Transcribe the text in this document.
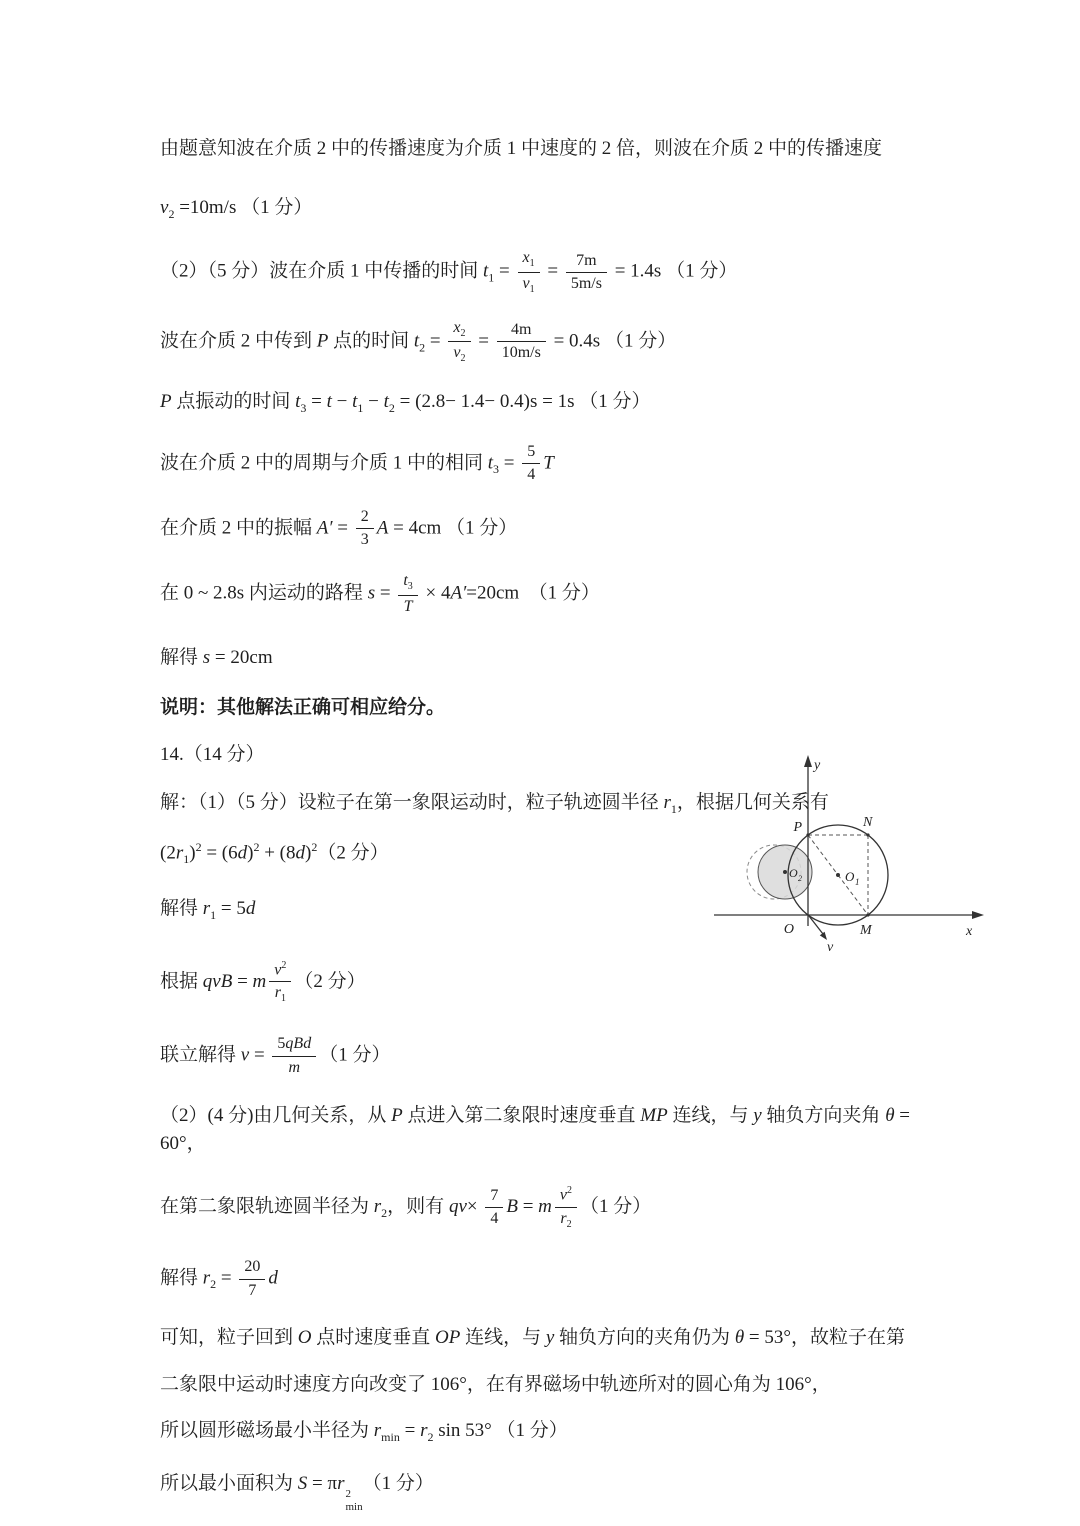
由题意知波在介质 2 中的传播速度为介质 1 中速度的 2 倍，则波在介质 2 中的传播速度

$v_2 =10m/s$ （1 分）

（2）（5 分）波在介质 1 中传播的时间 $t_1 = \frac{x_1}{v_1} = \frac{7m}{5m/s} = 1.4s$ （1 分）

波在介质 2 中传到 P 点的时间 $t_2 = \frac{x_2}{v_2} = \frac{4m}{10m/s} = 0.4s$ （1 分）

P 点振动的时间 $t_3 = t - t_1 - t_2 = (2.8- 1.4- 0.4)s = 1s$ （1 分）

波在介质 2 中的周期与介质 1 中的相同 $t_3 = \frac{5}{4}$ T

在介质 2 中的振幅 $A' = \frac{2}{3}$ A = 4cm （1 分）

在 0 ~ 2.8s 内运动的路程 $s = \frac{t_3}{T} \times 4A'=20cm$　（1 分）

解得 s = 20cm

说明：其他解法正确可相应给分。

14.（14 分）

解：（1）（5 分）设粒子在第一象限运动时，粒子轨迹圆半径 $r_1$，根据几何关系有

$(2r_1)^2 = (6d)^2 + (8d)^2(2$ 分）

解得 $r_1 = 5d$

根据 qvB = m $\frac{v^2}{r_1} (2$ 分）

联立解得 $v = \frac{\text{5qBd}}{m} (1$ 分）

（2）(4 分)由几何关系，从 P 点进入第二象限时速度垂直 MP 连线，与 y 轴负方向夹角 θ = 60°，

在第二象限轨迹圆半径为 $r_2$，则有 $qv\times \frac{7}{4}$ B = m $\frac{v^2}{r_2} (1$ 分）

解得 $r_2 = \frac{20}{7}$ d

可知，粒子回到 O 点时速度垂直 OP 连线，与 y 轴负方向的夹角仍为 θ = 53°，故粒子在第

二象限中运动时速度方向改变了 106°，在有界磁场中轨迹所对的圆心角为 106°，

所以圆形磁场最小半径为 $r_{min} = r_2$ sin 53° （1 分）

所以最小面积为 S = πr 2
min
（1 分）

P	N
O 1
O 2
O	M	x
y
v
